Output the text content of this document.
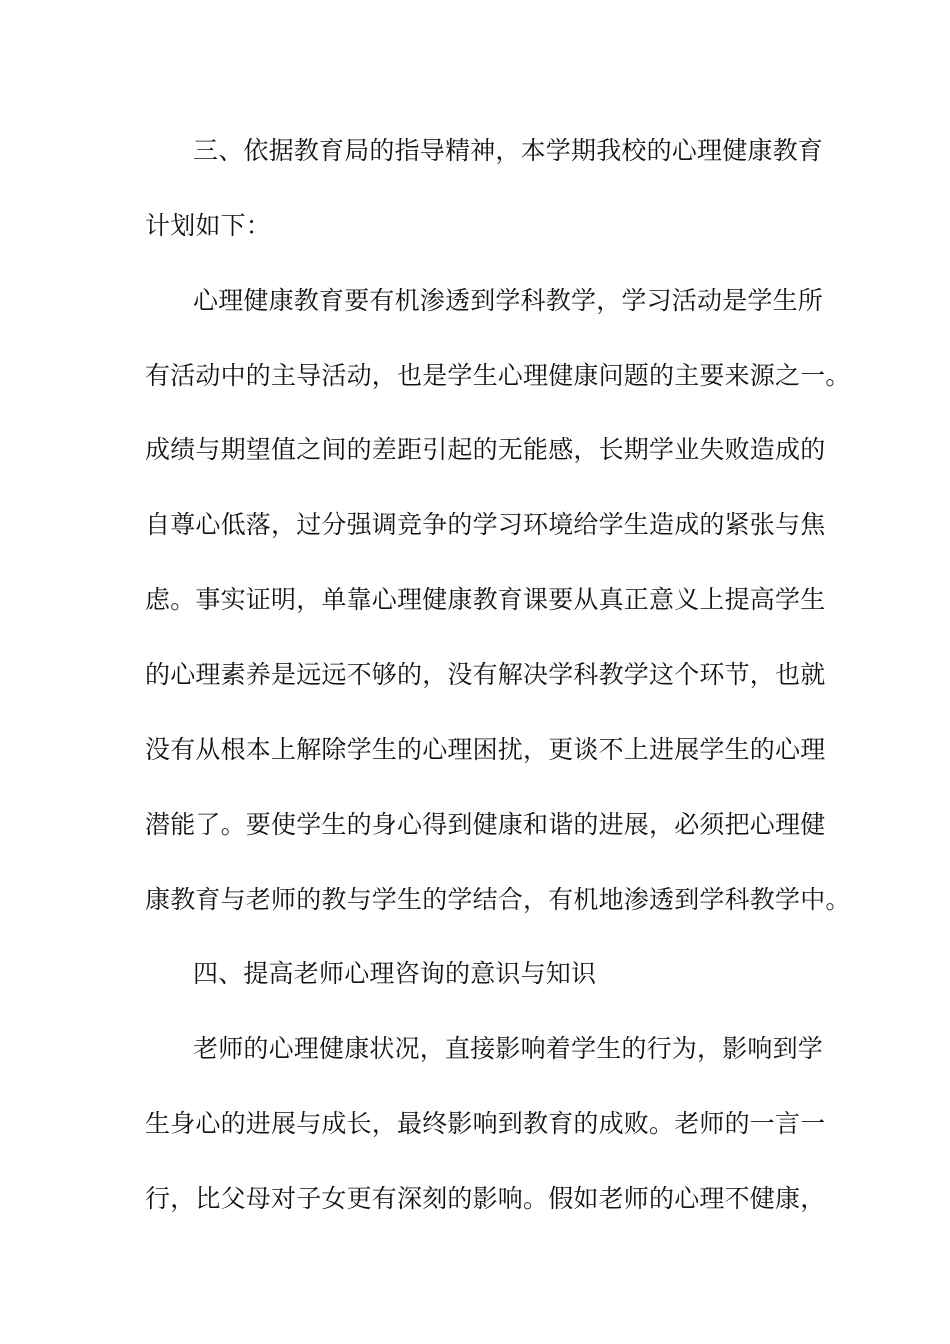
三、依据教育局的指导精神，本学期我校的心理健康教育
计划如下：
心理健康教育要有机渗透到学科教学，学习活动是学生所
有活动中的主导活动，也是学生心理健康问题的主要来源之一。
成绩与期望值之间的差距引起的无能感，长期学业失败造成的
自尊心低落，过分强调竞争的学习环境给学生造成的紧张与焦
虑。事实证明，单靠心理健康教育课要从真正意义上提高学生
的心理素养是远远不够的，没有解决学科教学这个环节，也就
没有从根本上解除学生的心理困扰，更谈不上进展学生的心理
潜能了。要使学生的身心得到健康和谐的进展，必须把心理健
康教育与老师的教与学生的学结合，有机地渗透到学科教学中。
四、提高老师心理咨询的意识与知识
老师的心理健康状况，直接影响着学生的行为，影响到学
生身心的进展与成长，最终影响到教育的成败。老师的一言一
行，比父母对子女更有深刻的影响。假如老师的心理不健康，
